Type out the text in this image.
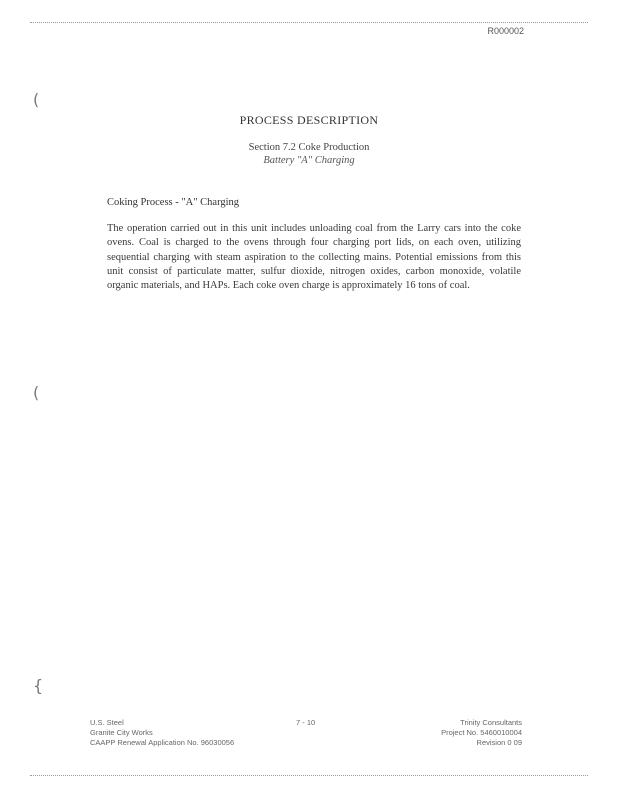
R000002
(
(
{
PROCESS DESCRIPTION
Section 7.2 Coke Production
Battery "A" Charging
Coking Process - "A" Charging

The operation carried out in this unit includes unloading coal from the Larry cars into the coke ovens. Coal is charged to the ovens through four charging port lids, on each oven, utilizing sequential charging with steam aspiration to the collecting mains. Potential emissions from this unit consist of particulate matter, sulfur dioxide, nitrogen oxides, carbon monoxide, volatile organic materials, and HAPs. Each coke oven charge is approximately 16 tons of coal.

U.S. Steel
Granite City Works
CAAPP Renewal Application No. 96030056
7 - 10	Trinity Consultants
Project No. 5460010004
Revision 0 09
